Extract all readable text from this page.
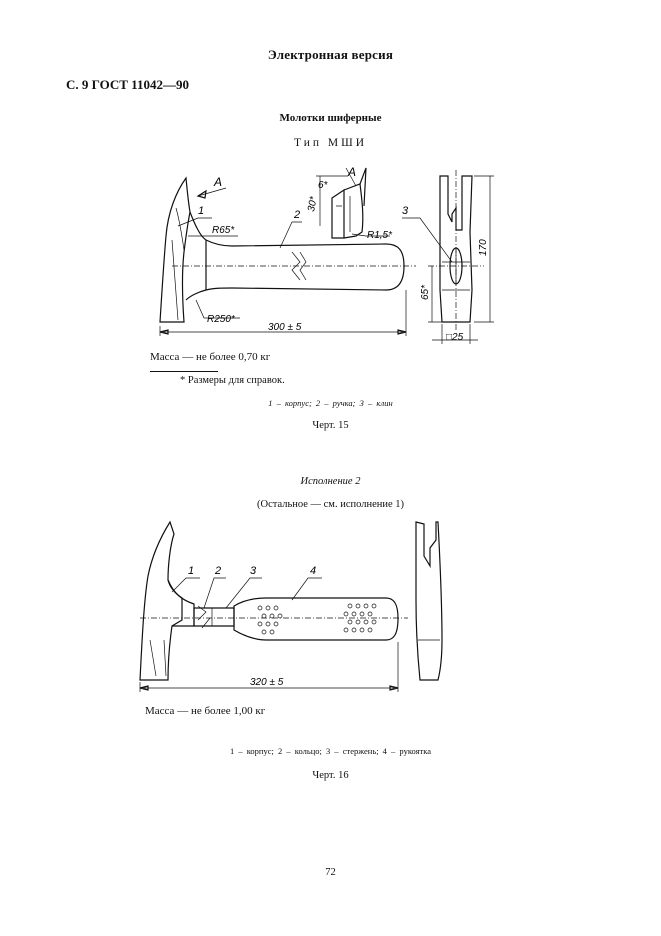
Электронная версия
С. 9 ГОСТ 11042—90
Молотки шиферные
Тип МШИ
А
1
R65*
R250*
2
300 ± 5
6*
30*
А
R1,5*
3
170
65*
□25
Масса — не более 0,70 кг
* Размеры для справок.
1 – корпус; 2 – ручка; 3 – клин
Черт. 15
Исполнение 2
(Остальное — см. исполнение 1)
1 2	3	4
320 ± 5
Масса — не более 1,00 кг
1 – корпус; 2 – кольцо; 3 – стержень; 4 – рукоятка
Черт. 16
72
